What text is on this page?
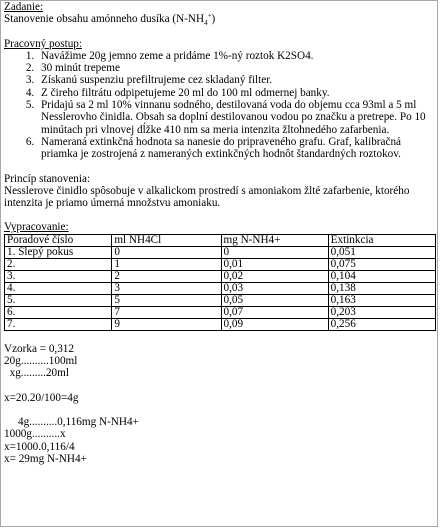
Zadanie:
Stanovenie obsahu amónneho dusíka $(N-NH_4^+)$
Pracovný postup:
1. Navážime 20g jemno zeme a pridáme 1%-ný roztok K2SO4.
2. 30 minút trepeme
3. Získanú suspenziu prefiltrujeme cez skladaný filter.
4. Z čireho filtrátu odpipetujeme 20 ml do 100 ml odmernej banky.
5. Pridajú sa 2 ml 10% vinnanu sodného, destilovaná voda do objemu cca 93ml a 5 ml Nesslerovho činidla. Obsah sa doplní destilovanou vodou po značku a pretrepe. Po 10 minútach pri vlnovej dĺžke 410 nm sa meria intenzita žltohnedého zafarbenia.
6. Nameraná extinkčná hodnota sa nanesie do pripraveného grafu. Graf, kalibračná priamka je zostrojená z nameraných extinkčných hodnôt štandardných roztokov.
Princíp stanovenia:
Nesslerove činidlo spôsobuje v alkalickom prostredí s amoniakom žlté zafarbenie, ktorého intenzita je priamo úmerná množstvu amoniaku.
Vypracovanie:
Poradové číslo	ml NH4Cl	mg N-NH4+	Extinkcia
1. Slepý pokus	0	0	0,051
2.	1	0,01	0,075
3.	2	0,02	0,104
4.	3	0,03	0,138
5.	5	0,05	0,163
6.	7	0,07	0,203
7.	9	0,09	0,256
Vzorka = 0,312
20g..........100ml
xg.........20ml
x=20.20/100=4g
4g..........0,116mg N-NH4+
1000g..........x
x=1000.0,116/4
x= 29mg N-NH4+
